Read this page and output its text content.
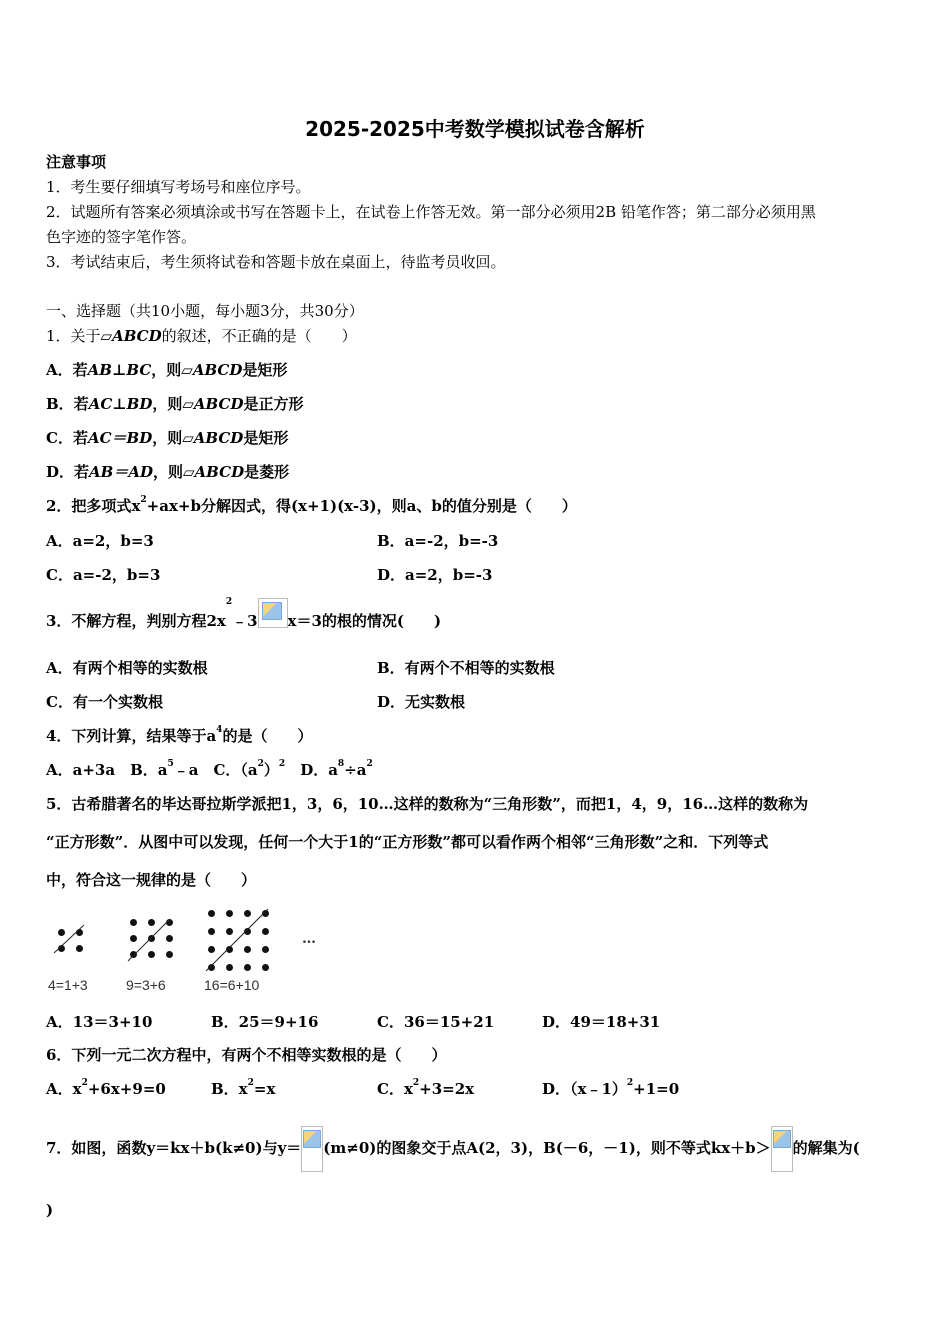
2025-2025中考数学模拟试卷含解析
注意事项
1．考生要仔细填写考场号和座位序号。
2．试题所有答案必须填涂或书写在答题卡上，在试卷上作答无效。第一部分必须用2B 铅笔作答；第二部分必须用黑
色字迹的签字笔作答。
3．考试结束后，考生须将试卷和答题卡放在桌面上，待监考员收回。
一、选择题（共10小题，每小题3分，共30分）
1．关于▱ABCD的叙述，不正确的是（　　）
A．若AB⊥BC，则▱ABCD是矩形
B．若AC⊥BD，则▱ABCD是正方形
C．若AC＝BD，则▱ABCD是矩形
D．若AB＝AD，则▱ABCD是菱形
2．把多项式$x^2+ax+b$分解因式，得(x+1)(x-3)，则a、b的值分别是（　　）
A．a=2，b=3	B．a=-2，b=-3
C．a=-2，b=3	D．a=2，b=-3
3．不解方程，判别方程$2x^2﹣3$ x＝3的根的情况(　　)
A．有两个相等的实数根	B．有两个不相等的实数根
C．有一个实数根	D．无实数根
4．下列计算，结果等于$a^4$的是（　　）
A．a+3a　B．$a^5﹣a$　C．$(a^2)^2$　D．$a^8\div a^2$
5．古希腊著名的毕达哥拉斯学派把1，3，6，10…这样的数称为“三角形数”，而把1，4，9，16…这样的数称为
“正方形数”．从图中可以发现，任何一个大于1的“正方形数”都可以看作两个相邻“三角形数”之和．下列等式
中，符合这一规律的是（　　）
…
4=1+3	9=3+6	16=6+10
A．13＝3+10	B．25＝9+16	C．36＝15+21	D．49＝18+31
6．下列一元二次方程中，有两个不相等实数根的是（　　）
A．$x^2+6x+9=0$	B．$x^2=x$	C．$x^2+3=2x$	D．（x﹣1）$^2$+1=0
7．如图，函数y＝kx＋b(k≠0)与y＝ (m≠0)的图象交于点A(2，3)，B(－6，－1)，则不等式kx＋b＞ 的解集为(
)
